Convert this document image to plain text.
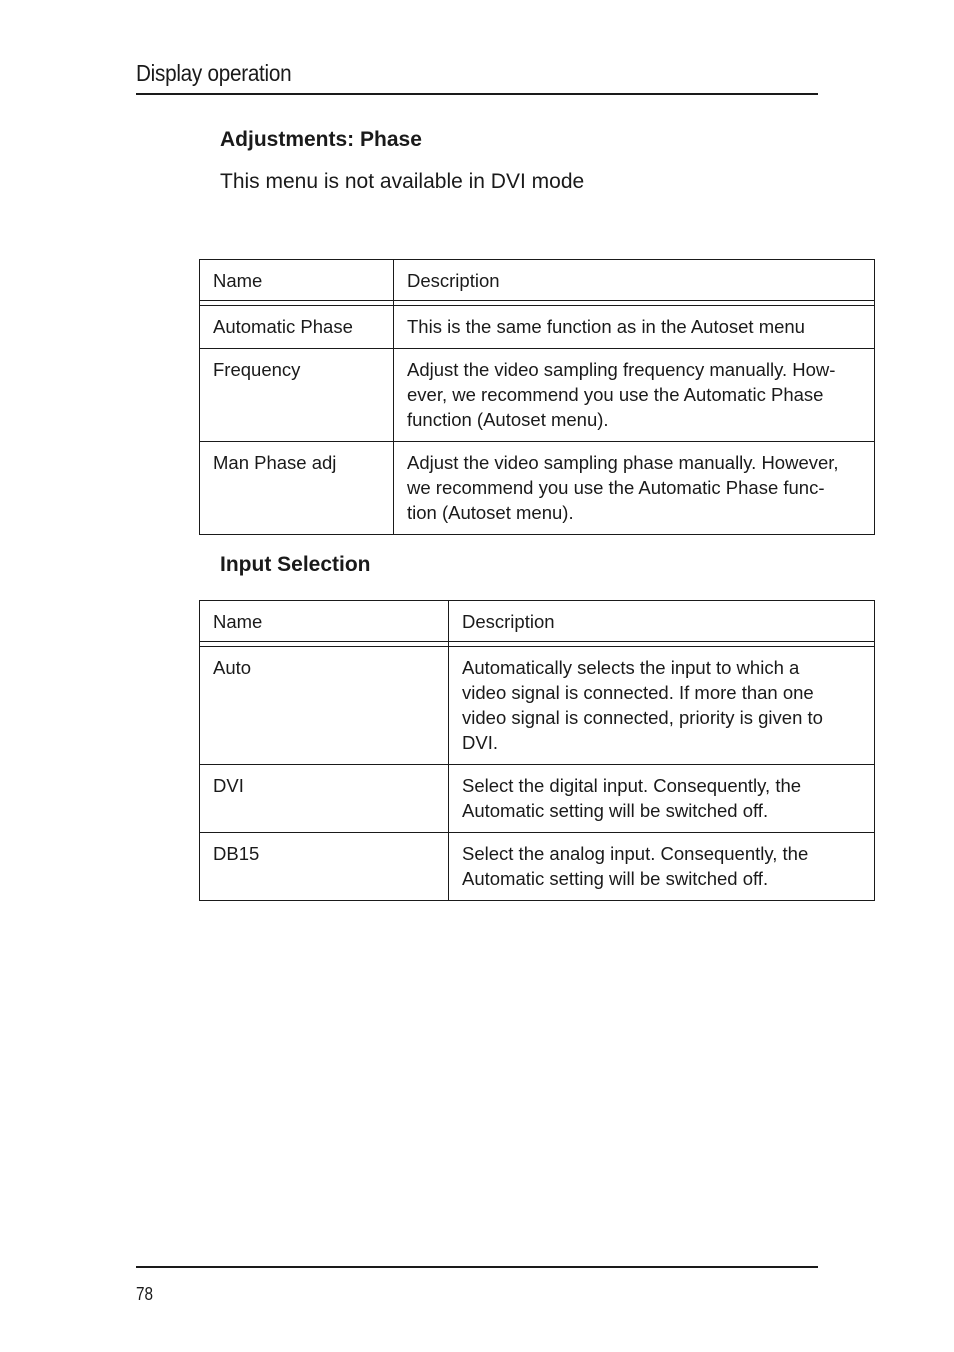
Display operation
Adjustments: Phase
This menu is not available in DVI mode
Name	Description

Automatic Phase	This is the same function as in the Autoset menu
Frequency	Adjust the video sampling frequency manually. How-
ever, we recommend you use the Automatic Phase
function (Autoset menu).
Man Phase adj	Adjust the video sampling phase manually. However,
we recommend you use the Automatic Phase func-
tion (Autoset menu).
Input Selection
Name	Description

Auto	Automatically selects the input to which a
video signal is connected. If more than one
video signal is connected, priority is given to
DVI.
DVI	Select the digital input. Consequently, the
Automatic setting will be switched off.
DB15	Select the analog input. Consequently, the
Automatic setting will be switched off.
78
